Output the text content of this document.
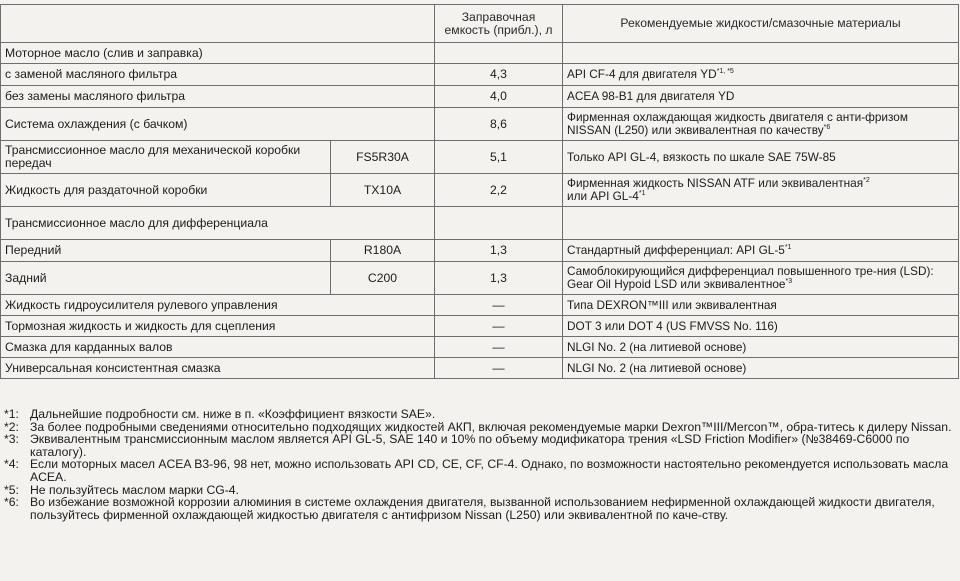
		Заправочная емкость (прибл.), л	Рекомендуемые жидкости/смазочные материалы
Моторное масло (слив и заправка)			
с заменой масляного фильтра		4,3	API CF-4 для двигателя $YD^{*1, *5}$
без замены масляного фильтра		4,0	ACEA 98-B1 для двигателя YD
Система охлаждения (с бачком)		8,6	Фирменная охлаждающая жидкость двигателя с анти-фризом NISSAN (L250) или эквивалентная по качеству$^{*6}$
Трансмиссионное масло для механической коробки передач	FS5R30A	5,1	Только API GL-4, вязкость по шкале SAE 75W-85
Жидкость для раздаточной коробки	TX10A	2,2	Фирменная жидкость NISSAN ATF или эквивалентная$^{*2}$
или API GL-4$^{*1}$
Трансмиссионное масло для дифференциала			
Передний	R180A	1,3	Стандартный дифференциал: API GL-5$^{*1}$
Задний	C200	1,3	Самоблокирующийся дифференциал повышенного тре-ния (LSD): Gear Oil Hypoid LSD или эквивалентное$^{*3}$
Жидкость гидроусилителя рулевого управления		—	Типа DEXRON™III или эквивалентная
Тормозная жидкость и жидкость для сцепления		—	DOT 3 или DOT 4 (US FMVSS No. 116)
Смазка для карданных валов		—	NLGI No. 2 (на литиевой основе)
Универсальная консистентная смазка		—	NLGI No. 2 (на литиевой основе)
*1: Дальнейшие подробности см. ниже в п. «Коэффициент вязкости SAE».
*2: За более подробными сведениями относительно подходящих жидкостей АКП, включая рекомендуемые марки Dexron™III/Mercon™, обра-титесь к дилеру Nissan.
*3: Эквивалентным трансмиссионным маслом является API GL-5, SAE 140 и 10% по объему модификатора трения «LSD Friction Modifier» (№38469-C6000 по каталогу).
*4: Если моторных масел ACEA B3-96, 98 нет, можно использовать API CD, CE, CF, CF-4. Однако, по возможности настоятельно рекомендуется использовать масла ACEA.
*5: Не пользуйтесь маслом марки CG-4.
*6: Во избежание возможной коррозии алюминия в системе охлаждения двигателя, вызванной использованием нефирменной охлаждающей жидкости двигателя, пользуйтесь фирменной охлаждающей жидкостью двигателя с антифризом Nissan (L250) или эквивалентной по каче-ству.
